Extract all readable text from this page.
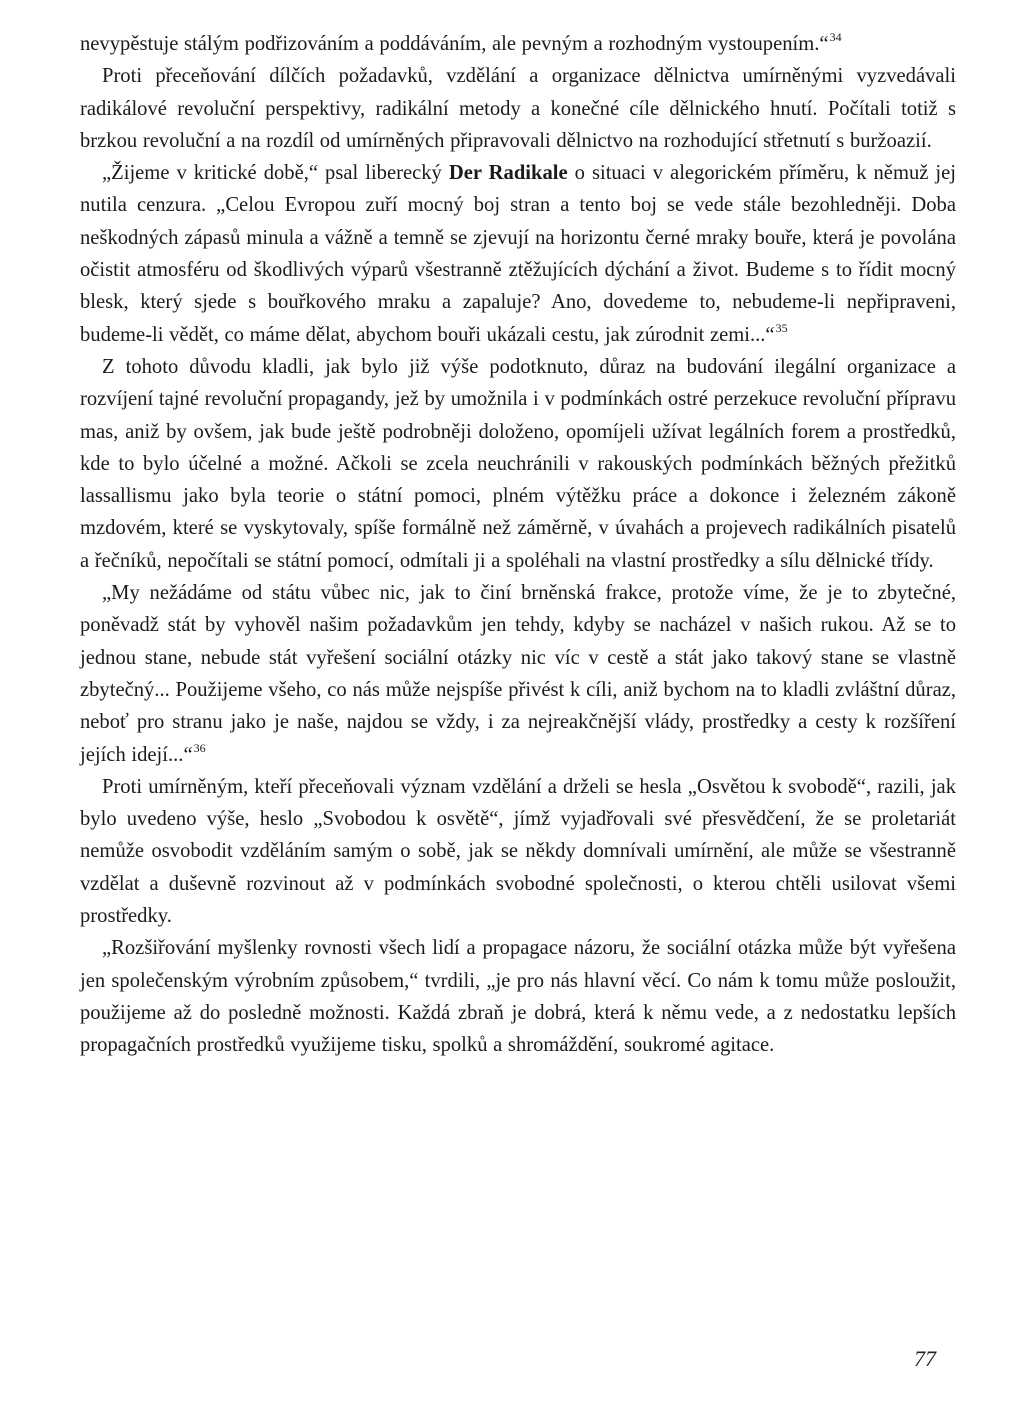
nevypěstuje stálým podřizováním a poddáváním, ale pevným a rozhodným vystoupením.“$^{34}$

Proti přeceňování dílčích požadavků, vzdělání a organizace dělnictva umírněnými vyzvedávali radikálové revoluční perspektivy, radikální metody a konečné cíle dělnického hnutí. Počítali totiž s brzkou revoluční a na rozdíl od umírněných připravovali dělnictvo na rozhodující střetnutí s buržoazií.

„Žijeme v kritické době,“ psal liberecký Der Radikale o situaci v alegorickém příměru, k němuž jej nutila cenzura. „Celou Evropou zuří mocný boj stran a tento boj se vede stále bezohledněji. Doba neškodných zápasů minula a vážně a temně se zjevují na horizontu černé mraky bouře, která je povolána očistit atmosféru od škodlivých výparů všestranně ztěžujících dýchání a život. Budeme s to řídit mocný blesk, který sjede s bouřkového mraku a zapaluje? Ano, dovedeme to, nebudeme-li nepřipraveni, budeme-li vědět, co máme dělat, abychom bouři ukázali cestu, jak zúrodnit zemi...“$^{35}$

Z tohoto důvodu kladli, jak bylo již výše podotknuto, důraz na budování ilegální organizace a rozvíjení tajné revoluční propagandy, jež by umožnila i v podmínkách ostré perzekuce revoluční přípravu mas, aniž by ovšem, jak bude ještě podrobněji doloženo, opomíjeli užívat legálních forem a prostředků, kde to bylo účelné a možné. Ačkoli se zcela neuchránili v rakouských podmínkách běžných přežitků lassallismu jako byla teorie o státní pomoci, plném výtěžku práce a dokonce i železném zákoně mzdovém, které se vyskytovaly, spíše formálně než záměrně, v úvahách a projevech radikálních pisatelů a řečníků, nepočítali se státní pomocí, odmítali ji a spoléhali na vlastní prostředky a sílu dělnické třídy.

„My nežádáme od státu vůbec nic, jak to činí brněnská frakce, protože víme, že je to zbytečné, poněvadž stát by vyhověl našim požadavkům jen tehdy, kdyby se nacházel v našich rukou. Až se to jednou stane, nebude stát vyřešení sociální otázky nic víc v cestě a stát jako takový stane se vlastně zbytečný... Použijeme všeho, co nás může nejspíše přivést k cíli, aniž bychom na to kladli zvláštní důraz, neboť pro stranu jako je naše, najdou se vždy, i za nejreakčnější vlády, prostředky a cesty k rozšíření jejích idejí...“$^{36}$

Proti umírněným, kteří přeceňovali význam vzdělání a drželi se hesla „Osvětou k svobodě“, razili, jak bylo uvedeno výše, heslo „Svobodou k osvětě“, jímž vyjadřovali své přesvědčení, že se proletariát nemůže osvobodit vzděláním samým o sobě, jak se někdy domnívali umírnění, ale může se všestranně vzdělat a duševně rozvinout až v podmínkách svobodné společnosti, o kterou chtěli usilovat všemi prostředky.

„Rozšiřování myšlenky rovnosti všech lidí a propagace názoru, že sociální otázka může být vyřešena jen společenským výrobním způsobem,“ tvrdili, „je pro nás hlavní věcí. Co nám k tomu může posloužit, použijeme až do posledně možnosti. Každá zbraň je dobrá, která k němu vede, a z nedostatku lepších propagačních prostředků využijeme tisku, spolků a shromáždění, soukromé agitace.

77
